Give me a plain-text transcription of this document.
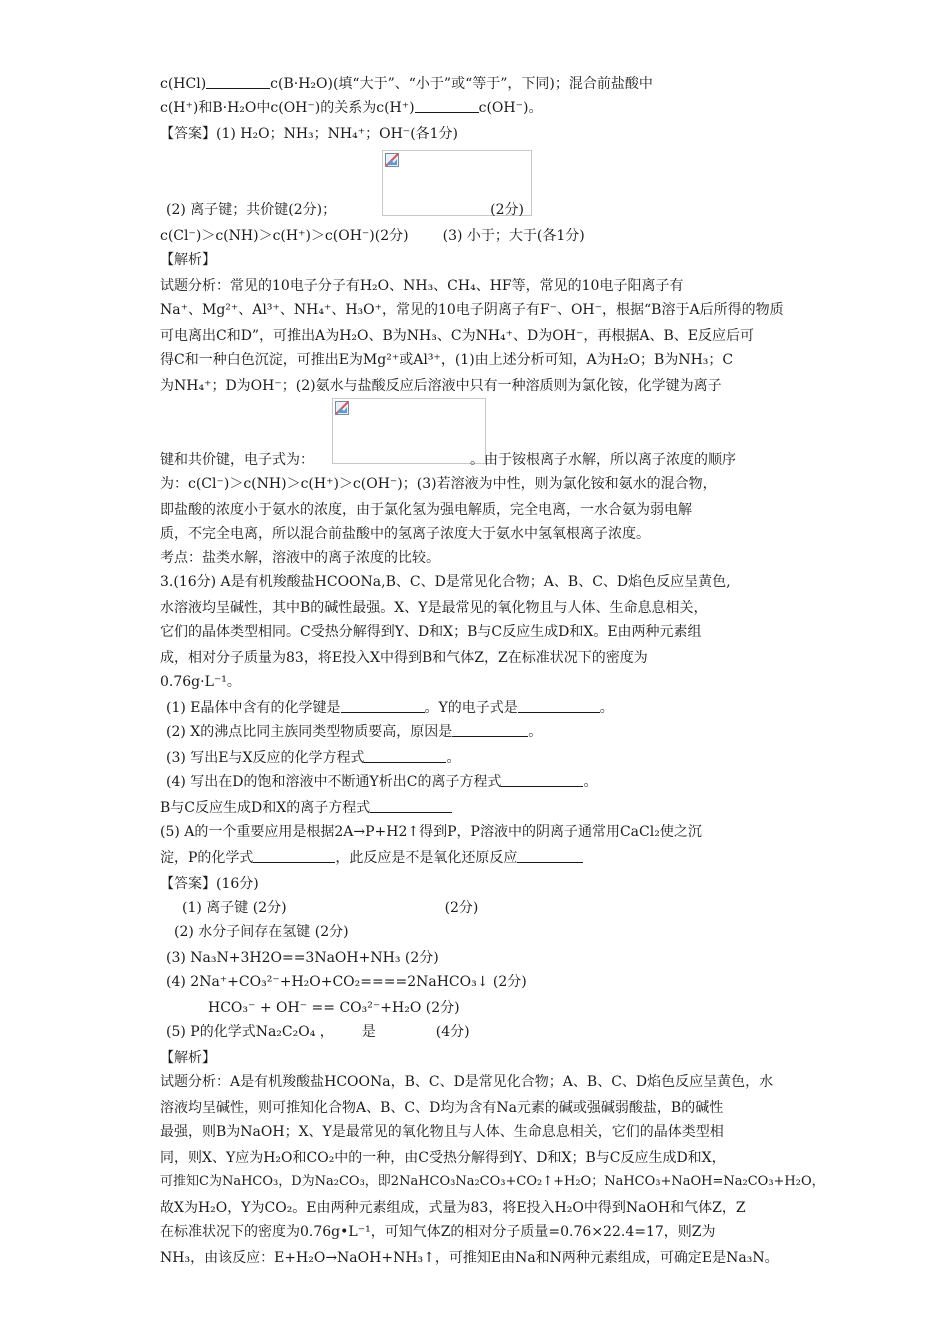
c(HCl)	c(B·H₂O)(填“大于”、“小于”或“等于”，下同)；混合前盐酸中
c(H⁺)和B·H₂O中c(OH⁻)的关系为c(H⁺)	c(OH⁻)。
【答案】(1) H₂O；NH₃；NH₄⁺；OH⁻(各1分)
(2) 离子键；共价键(2分)；	(2分)
c(Cl⁻)＞c(NH)＞c(H⁺)＞c(OH⁻)(2分) (3) 小于；大于(各1分)
【解析】
试题分析：常见的10电子分子有H₂O、NH₃、CH₄、HF等，常见的10电子阳离子有
Na⁺、Mg²⁺、Al³⁺、NH₄⁺、H₃O⁺，常见的10电子阴离子有F⁻、OH⁻，根据“B溶于A后所得的物质
可电离出C和D”，可推出A为H₂O、B为NH₃、C为NH₄⁺、D为OH⁻，再根据A、B、E反应后可
得C和一种白色沉淀，可推出E为Mg²⁺或Al³⁺，(1)由上述分析可知，A为H₂O；B为NH₃；C
为NH₄⁺；D为OH⁻；(2)氨水与盐酸反应后溶液中只有一种溶质则为氯化铵，化学键为离子
键和共价键，电子式为：	。由于铵根离子水解，所以离子浓度的顺序
为：c(Cl⁻)＞c(NH)＞c(H⁺)＞c(OH⁻)；(3)若溶液为中性，则为氯化铵和氨水的混合物，
即盐酸的浓度小于氨水的浓度，由于氯化氢为强电解质，完全电离，一水合氨为弱电解
质，不完全电离，所以混合前盐酸中的氢离子浓度大于氨水中氢氧根离子浓度。
考点：盐类水解，溶液中的离子浓度的比较。
3.(16分) A是有机羧酸盐HCOONa,B、C、D是常见化合物；A、B、C、D焰色反应呈黄色,
水溶液均呈碱性，其中B的碱性最强。X、Y是最常见的氧化物且与人体、生命息息相关，
它们的晶体类型相同。C受热分解得到Y、D和X；B与C反应生成D和X。E由两种元素组
成，相对分子质量为83，将E投入X中得到B和气体Z，Z在标准状况下的密度为
0.76g·L⁻¹。
(1) E晶体中含有的化学键是	。Y的电子式是	。
(2) X的沸点比同主族同类型物质要高，原因是	。
(3) 写出E与X反应的化学方程式	。
(4) 写出在D的饱和溶液中不断通Y析出C的离子方程式	。
B与C反应生成D和X的离子方程式
(5) A的一个重要应用是根据2A→P+H2↑得到P，P溶液中的阴离子通常用CaCl₂使之沉
淀，P的化学式	，此反应是不是氧化还原反应
【答案】(16分)
(1) 离子键 (2分)	(2分)
(2) 水分子间存在氢键 (2分)
(3) Na₃N+3H2O==3NaOH+NH₃ (2分)
(4) 2Na⁺+CO₃²⁻+H₂O+CO₂====2NaHCO₃↓ (2分)
HCO₃⁻ + OH⁻ == CO₃²⁻+H₂O (2分)
(5) P的化学式Na₂C₂O₄ ， 是	(4分)
【解析】
试题分析：A是有机羧酸盐HCOONa，B、C、D是常见化合物；A、B、C、D焰色反应呈黄色，水
溶液均呈碱性，则可推知化合物A、B、C、D均为含有Na元素的碱或强碱弱酸盐，B的碱性
最强，则B为NaOH；X、Y是最常见的氧化物且与人体、生命息息相关，它们的晶体类型相
同，则X、Y应为H₂O和CO₂中的一种，由C受热分解得到Y、D和X；B与C反应生成D和X，
可推知C为NaHCO₃，D为Na₂CO₃，即2NaHCO₃Na₂CO₃+CO₂↑+H₂O；NaHCO₃+NaOH=Na₂CO₃+H₂O，
故X为H₂O，Y为CO₂。E由两种元素组成，式量为83，将E投入H₂O中得到NaOH和气体Z，Z
在标准状况下的密度为0.76g•L⁻¹，可知气体Z的相对分子质量=0.76×22.4=17，则Z为
NH₃，由该反应：E+H₂O→NaOH+NH₃↑，可推知E由Na和N两种元素组成，可确定E是Na₃N。
